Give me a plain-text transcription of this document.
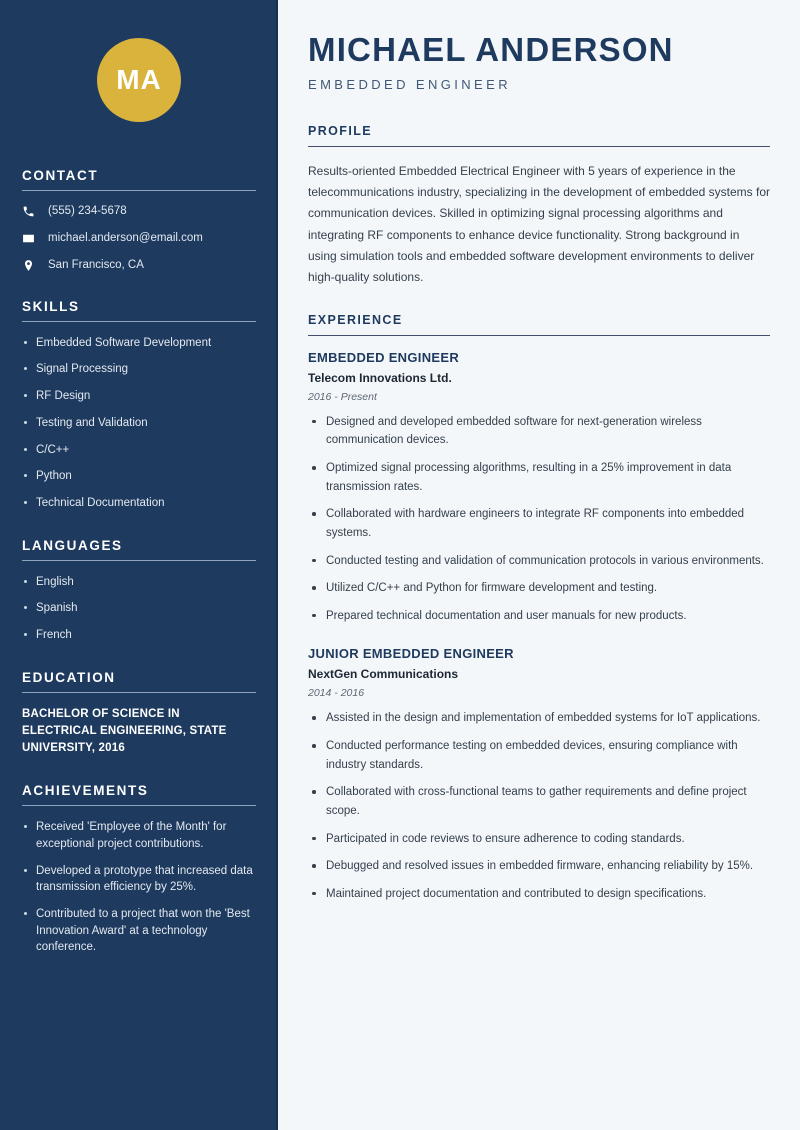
MA
CONTACT
(555) 234-5678
michael.anderson@email.com
San Francisco, CA
SKILLS
Embedded Software Development
Signal Processing
RF Design
Testing and Validation
C/C++
Python
Technical Documentation
LANGUAGES
English
Spanish
French
EDUCATION
BACHELOR OF SCIENCE IN ELECTRICAL ENGINEERING, STATE UNIVERSITY, 2016
ACHIEVEMENTS
Received 'Employee of the Month' for exceptional project contributions.
Developed a prototype that increased data transmission efficiency by 25%.
Contributed to a project that won the 'Best Innovation Award' at a technology conference.
MICHAEL ANDERSON
EMBEDDED ENGINEER
PROFILE

Results-oriented Embedded Electrical Engineer with 5 years of experience in the telecommunications industry, specializing in the development of embedded systems for communication devices. Skilled in optimizing signal processing algorithms and integrating RF components to enhance device functionality. Strong background in using simulation tools and embedded software development environments to deliver high-quality solutions.

EXPERIENCE
EMBEDDED ENGINEER
Telecom Innovations Ltd.
2016 - Present
Designed and developed embedded software for next-generation wireless communication devices.
Optimized signal processing algorithms, resulting in a 25% improvement in data transmission rates.
Collaborated with hardware engineers to integrate RF components into embedded systems.
Conducted testing and validation of communication protocols in various environments.
Utilized C/C++ and Python for firmware development and testing.
Prepared technical documentation and user manuals for new products.
JUNIOR EMBEDDED ENGINEER
NextGen Communications
2014 - 2016
Assisted in the design and implementation of embedded systems for IoT applications.
Conducted performance testing on embedded devices, ensuring compliance with industry standards.
Collaborated with cross-functional teams to gather requirements and define project scope.
Participated in code reviews to ensure adherence to coding standards.
Debugged and resolved issues in embedded firmware, enhancing reliability by 15%.
Maintained project documentation and contributed to design specifications.
